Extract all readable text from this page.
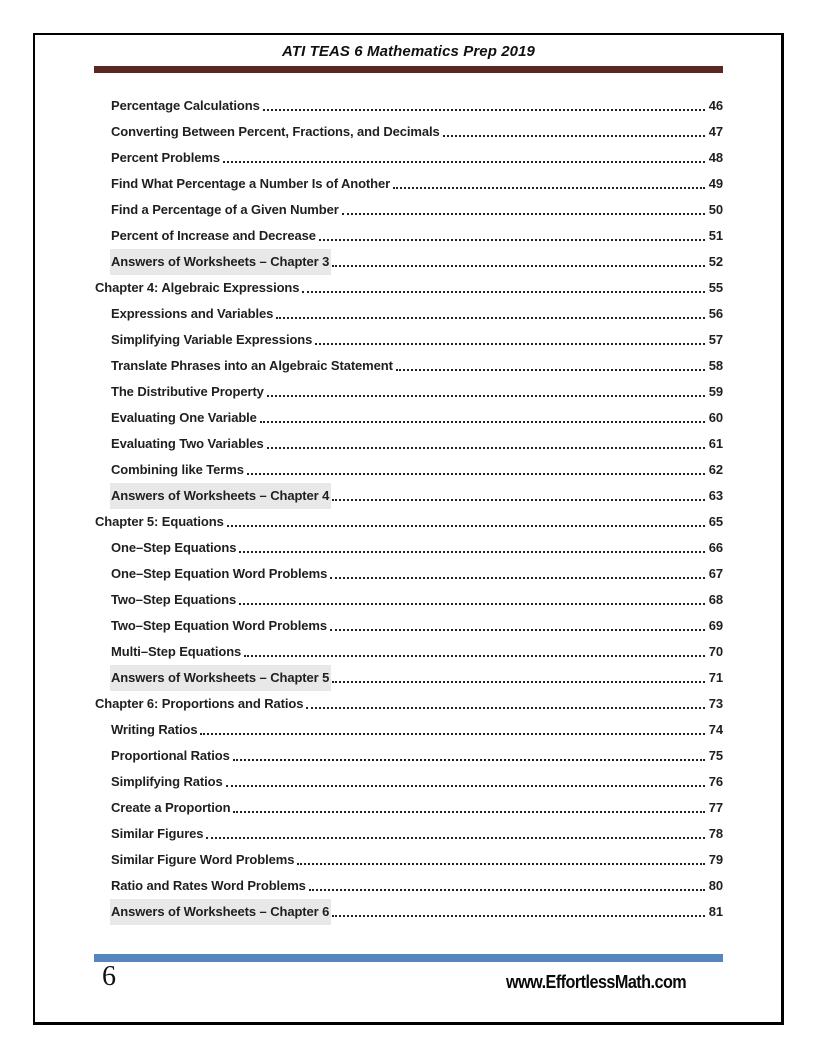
ATI TEAS 6 Mathematics Prep 2019
Percentage Calculations	46
Converting Between Percent, Fractions, and Decimals	47
Percent Problems	48
Find What Percentage a Number Is of Another	49
Find a Percentage of a Given Number	50
Percent of Increase and Decrease	51
Answers of Worksheets – Chapter 3	52
Chapter 4: Algebraic Expressions	55
Expressions and Variables	56
Simplifying Variable Expressions	57
Translate Phrases into an Algebraic Statement	58
The Distributive Property	59
Evaluating One Variable	60
Evaluating Two Variables	61
Combining like Terms	62
Answers of Worksheets – Chapter 4	63
Chapter 5: Equations	65
One–Step Equations	66
One–Step Equation Word Problems	67
Two–Step Equations	68
Two–Step Equation Word Problems	69
Multi–Step Equations	70
Answers of Worksheets – Chapter 5	71
Chapter 6: Proportions and Ratios	73
Writing Ratios	74
Proportional Ratios	75
Simplifying Ratios	76
Create a Proportion	77
Similar Figures	78
Similar Figure Word Problems	79
Ratio and Rates Word Problems	80
Answers of Worksheets – Chapter 6	81
6	www.EffortlessMath.com
